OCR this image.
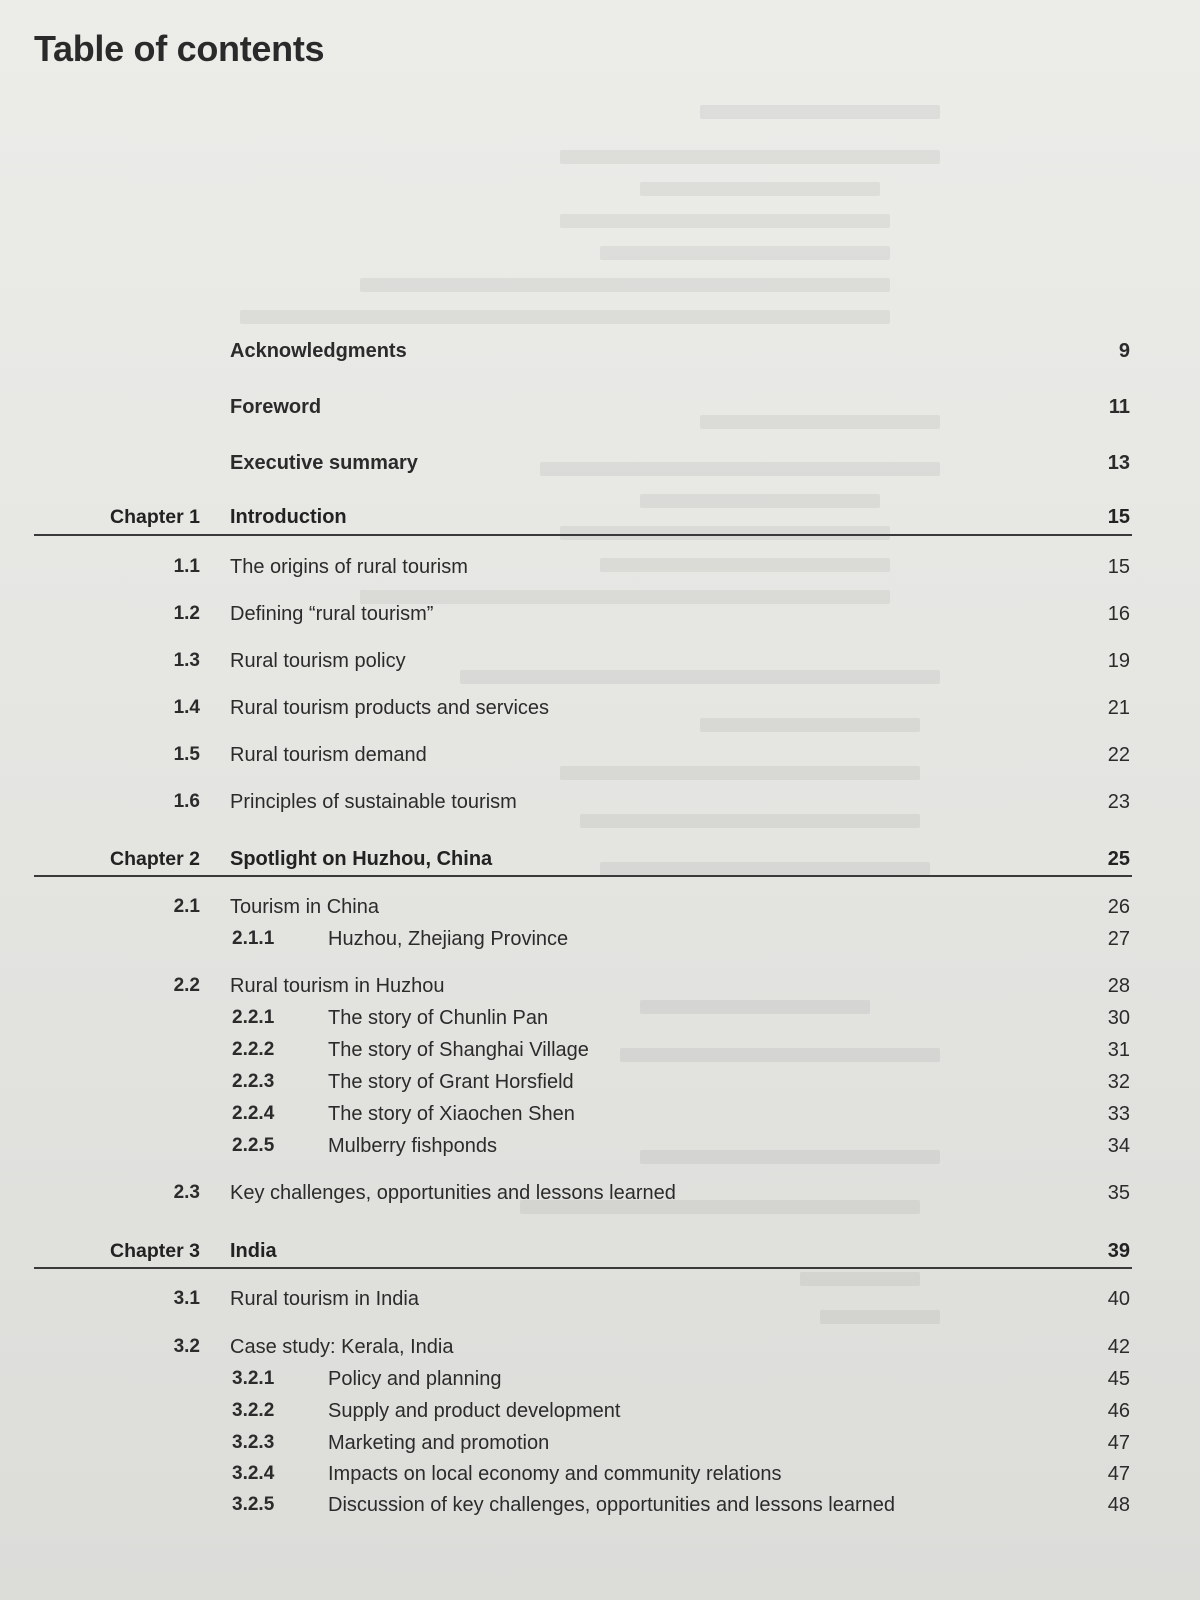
Table of contents
Acknowledgments	9
Foreword	11
Executive summary	13
Chapter 1 Introduction	15
1.1 The origins of rural tourism	15
1.2 Defining “rural tourism”	16
1.3 Rural tourism policy	19
1.4 Rural tourism products and services	21
1.5 Rural tourism demand	22
1.6 Principles of sustainable tourism	23
Chapter 2 Spotlight on Huzhou, China	25
2.1 Tourism in China	26
2.1.1	Huzhou, Zhejiang Province	27
2.2 Rural tourism in Huzhou	28
2.2.1	The story of Chunlin Pan	30
2.2.2	The story of Shanghai Village	31
2.2.3	The story of Grant Horsfield	32
2.2.4	The story of Xiaochen Shen	33
2.2.5	Mulberry fishponds	34
2.3 Key challenges, opportunities and lessons learned	35
Chapter 3 India	39
3.1 Rural tourism in India	40
3.2 Case study: Kerala, India	42
3.2.1	Policy and planning	45
3.2.2	Supply and product development	46
3.2.3	Marketing and promotion	47
3.2.4	Impacts on local economy and community relations	47
3.2.5	Discussion of key challenges, opportunities and lessons learned	48
